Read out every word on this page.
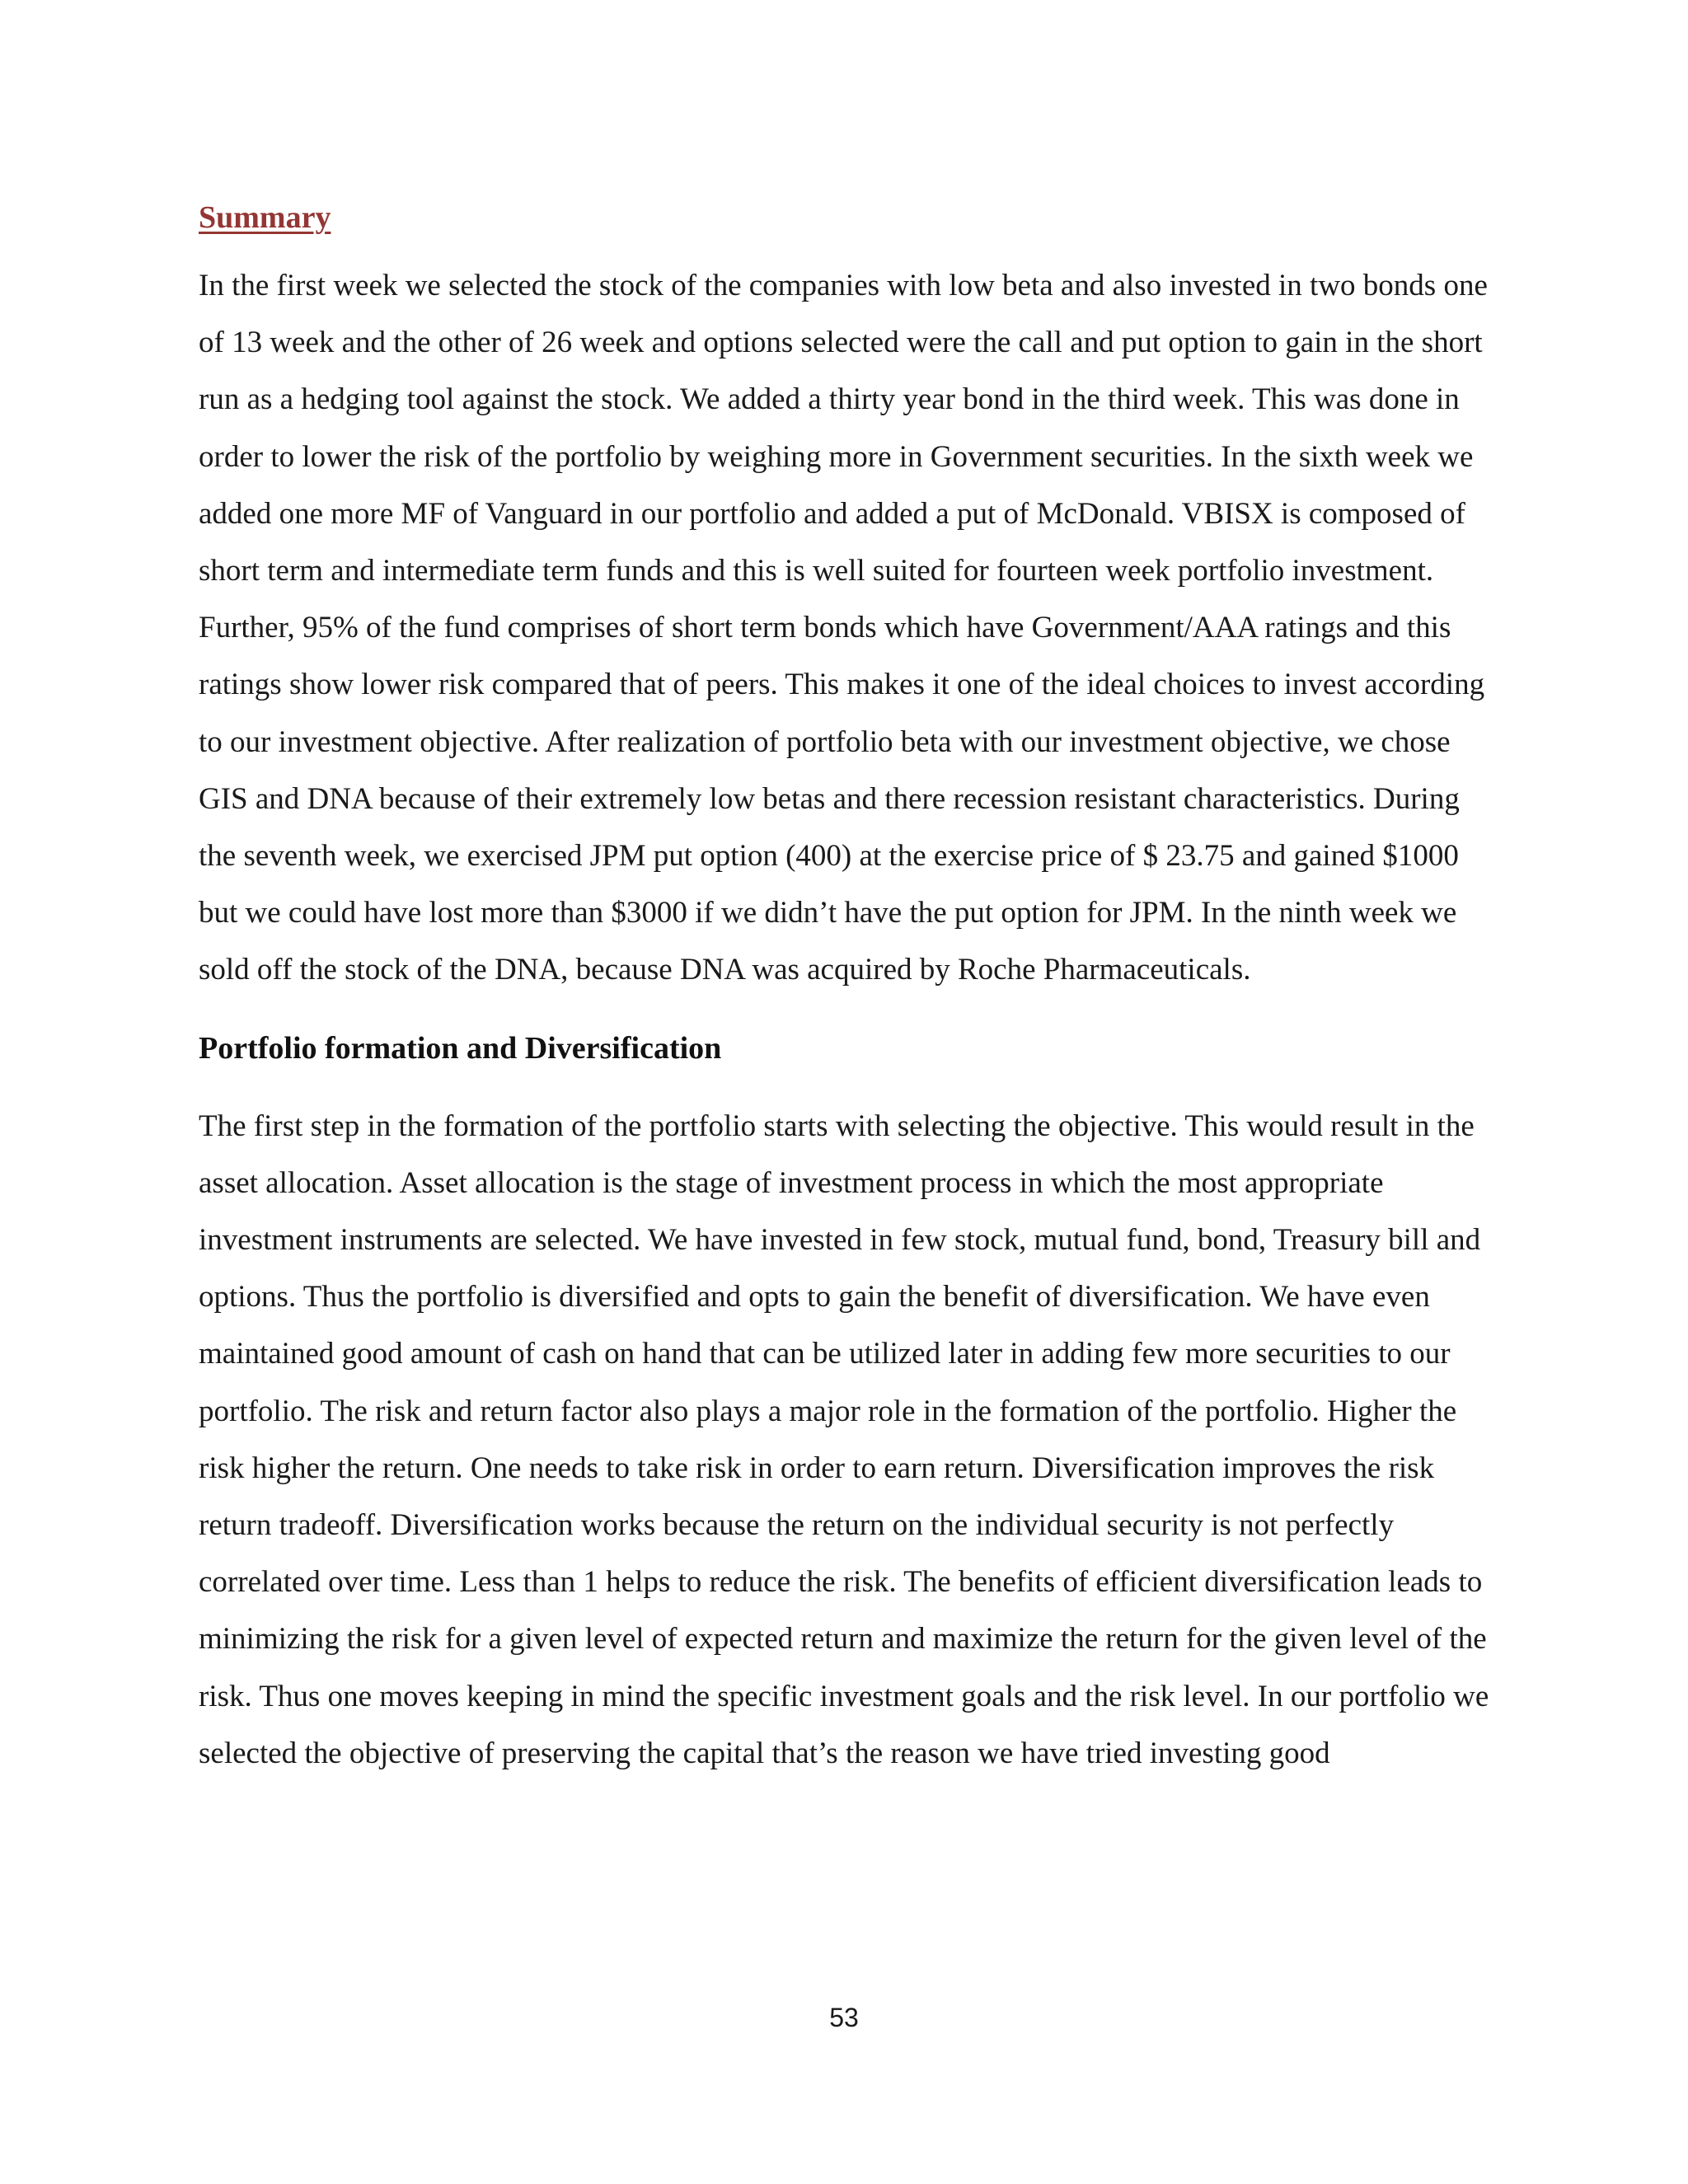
Summary

In the first week we selected the stock of the companies with low beta and also invested in two bonds one of 13 week and the other of 26 week and options selected were the call and put option to gain in the short run as a hedging tool against the stock. We added a thirty year bond in the third week. This was done in order to lower the risk of the portfolio by weighing more in Government securities. In the sixth week we added one more MF of Vanguard in our portfolio and added a put of McDonald. VBISX is composed of short term and intermediate term funds and this is well suited for fourteen week portfolio investment. Further, 95% of the fund comprises of short term bonds which have Government/AAA ratings and this ratings show lower risk compared that of peers. This makes it one of the ideal choices to invest according to our investment objective. After realization of portfolio beta with our investment objective, we chose GIS and DNA because of their extremely low betas and there recession resistant characteristics. During the seventh week, we exercised JPM put option (400) at the exercise price of $ 23.75 and gained $1000 but we could have lost more than $3000 if we didn’t have the put option for JPM. In the ninth week we sold off the stock of the DNA, because DNA was acquired by Roche Pharmaceuticals.

Portfolio formation and Diversification

The first step in the formation of the portfolio starts with selecting the objective. This would result in the asset allocation. Asset allocation is the stage of investment process in which the most appropriate investment instruments are selected. We have invested in few stock, mutual fund, bond, Treasury bill and options. Thus the portfolio is diversified and opts to gain the benefit of diversification. We have even maintained good amount of cash on hand that can be utilized later in adding few more securities to our portfolio. The risk and return factor also plays a major role in the formation of the portfolio. Higher the risk higher the return. One needs to take risk in order to earn return. Diversification improves the risk return tradeoff. Diversification works because the return on the individual security is not perfectly correlated over time. Less than 1 helps to reduce the risk. The benefits of efficient diversification leads to minimizing the risk for a given level of expected return and maximize the return for the given level of the risk. Thus one moves keeping in mind the specific investment goals and the risk level. In our portfolio we selected the objective of preserving the capital that’s the reason we have tried investing good

53
